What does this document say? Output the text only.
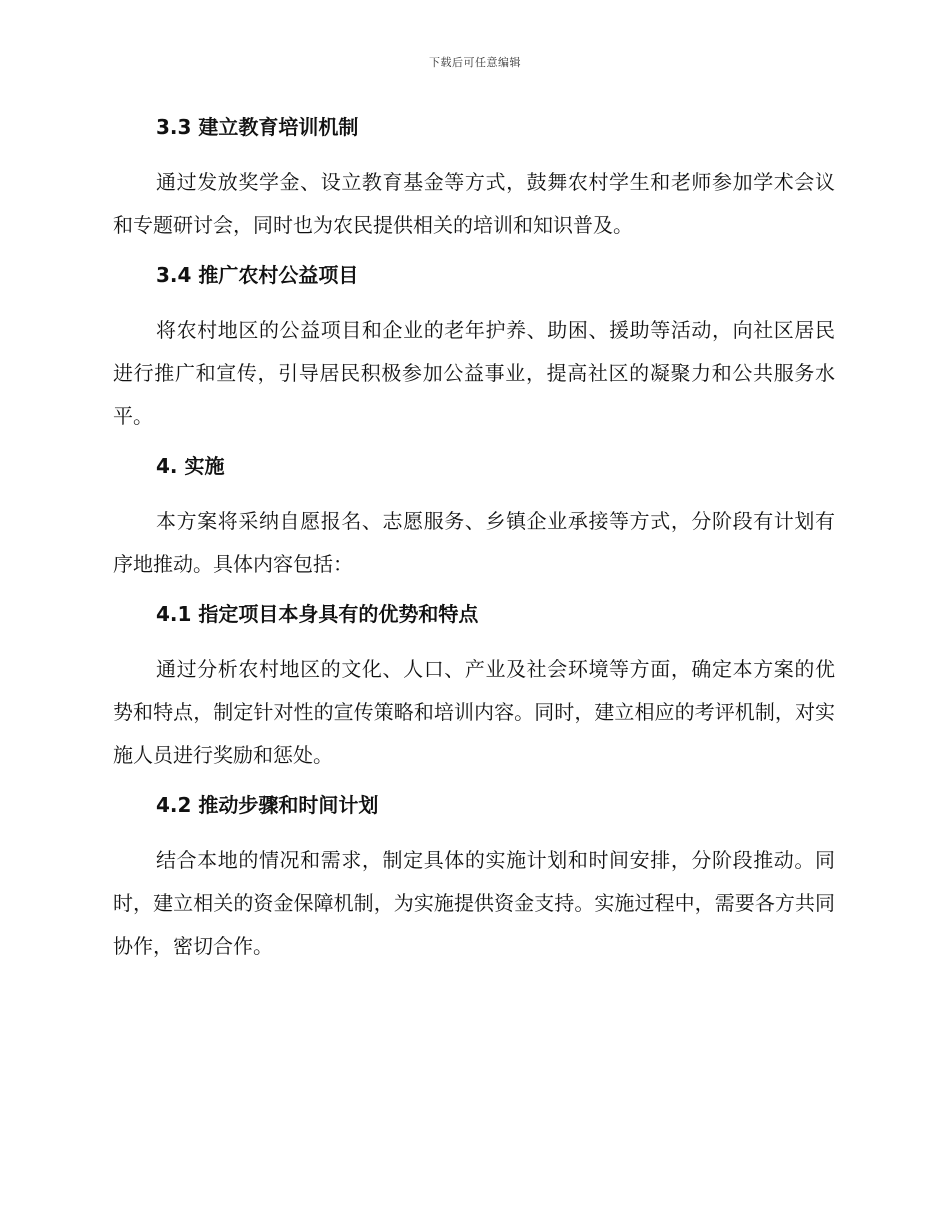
下载后可任意编辑
3.3 建立教育培训机制
通过发放奖学金、设立教育基金等方式，鼓舞农村学生和老师参加学术会议和专题研讨会，同时也为农民提供相关的培训和知识普及。
3.4 推广农村公益项目
将农村地区的公益项目和企业的老年护养、助困、援助等活动，向社区居民进行推广和宣传，引导居民积极参加公益事业，提高社区的凝聚力和公共服务水平。
4. 实施
本方案将采纳自愿报名、志愿服务、乡镇企业承接等方式，分阶段有计划有序地推动。具体内容包括：
4.1 指定项目本身具有的优势和特点
通过分析农村地区的文化、人口、产业及社会环境等方面，确定本方案的优势和特点，制定针对性的宣传策略和培训内容。同时，建立相应的考评机制，对实施人员进行奖励和惩处。
4.2 推动步骤和时间计划
结合本地的情况和需求，制定具体的实施计划和时间安排，分阶段推动。同时，建立相关的资金保障机制，为实施提供资金支持。实施过程中，需要各方共同协作，密切合作。
